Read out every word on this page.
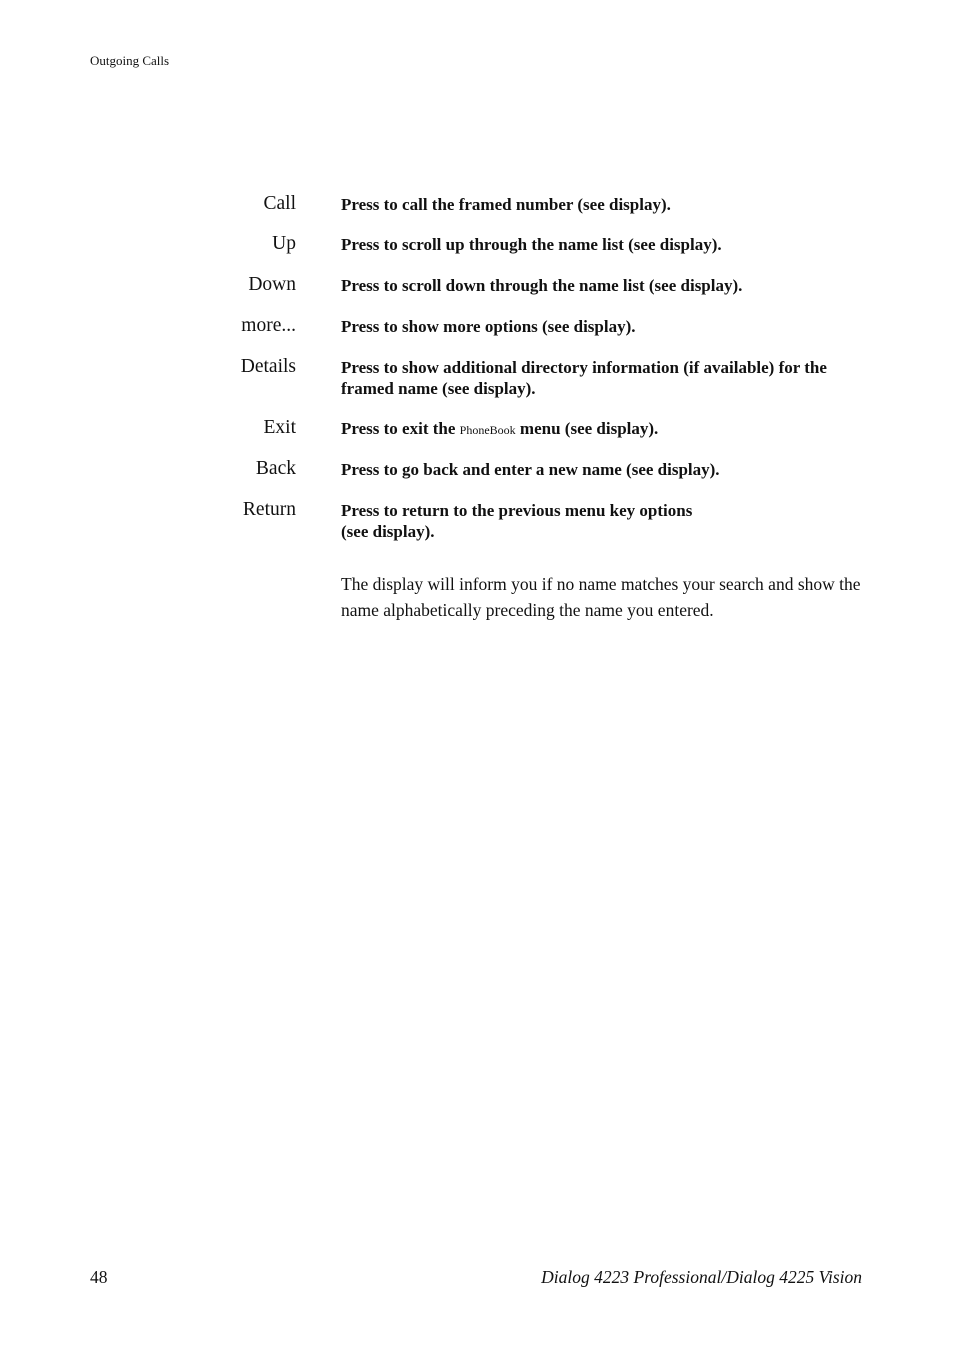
Outgoing Calls
Call	Press to call the framed number (see display).
Up	Press to scroll up through the name list (see display).
Down	Press to scroll down through the name list (see display).
more...	Press to show more options (see display).
Details	Press to show additional directory information (if available) for the framed name (see display).
Exit	Press to exit the PhoneBook menu (see display).
Back	Press to go back and enter a new name (see display).
Return	Press to return to the previous menu key options
(see display).
The display will inform you if no name matches your search and show the name alphabetically preceding the name you entered.
48	Dialog 4223 Professional/Dialog 4225 Vision
